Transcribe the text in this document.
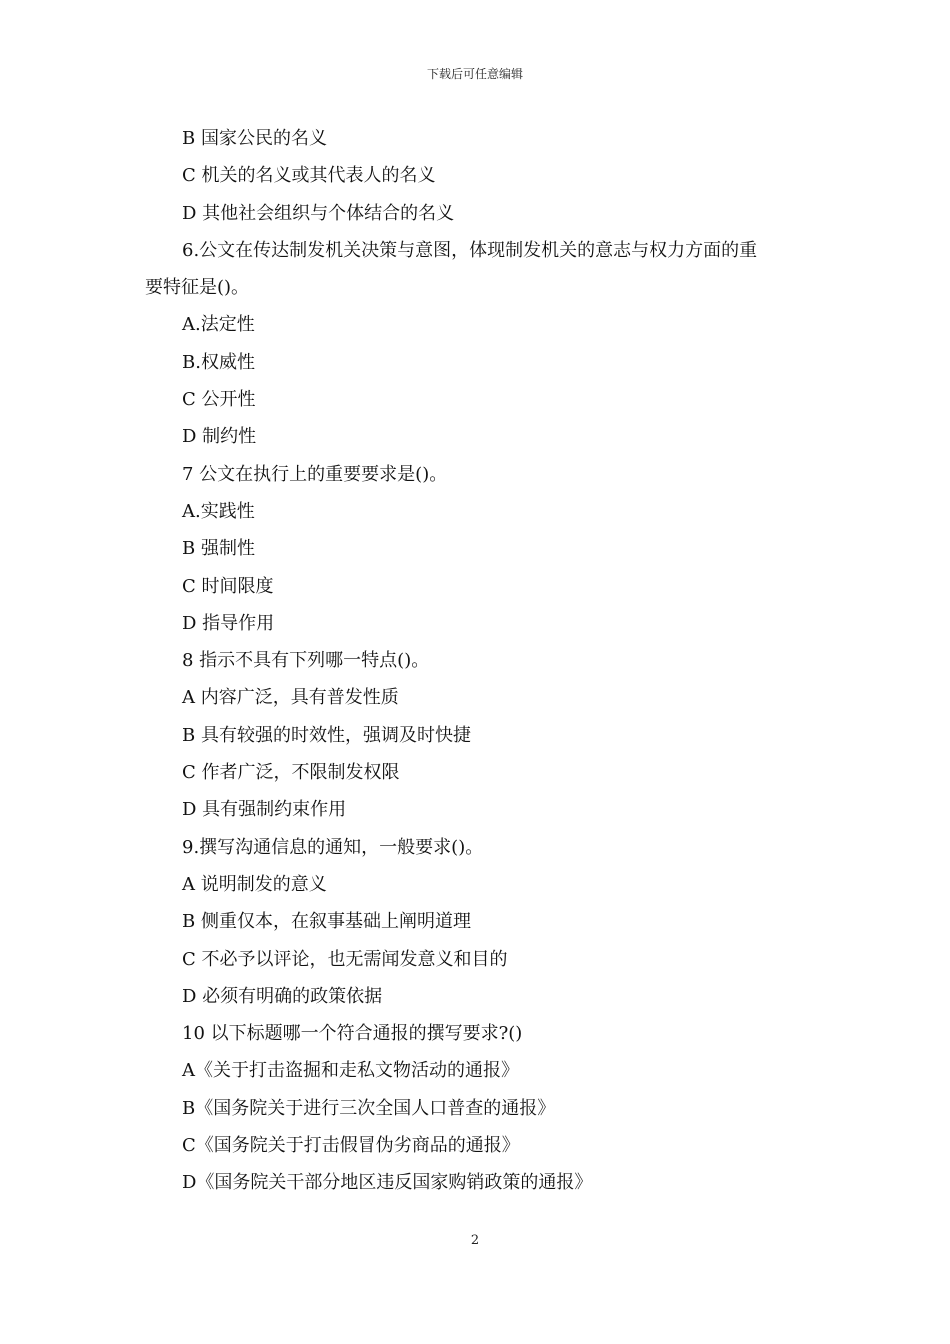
下载后可任意编辑
B 国家公民的名义
C 机关的名义或其代表人的名义
D 其他社会组织与个体结合的名义
6.公文在传达制发机关决策与意图，体现制发机关的意志与权力方面的重
要特征是()。
A.法定性
B.权威性
C 公开性
D 制约性
7 公文在执行上的重要要求是()。
A.实践性
B 强制性
C 时间限度
D 指导作用
8 指示不具有下列哪一特点()。
A 内容广泛，具有普发性质
B 具有较强的时效性，强调及时快捷
C 作者广泛，不限制发权限
D 具有强制约束作用
9.撰写沟通信息的通知，一般要求()。
A 说明制发的意义
B 侧重仅本，在叙事基础上阐明道理
C 不必予以评论，也无需闻发意义和目的
D 必须有明确的政策依据
10 以下标题哪一个符合通报的撰写要求?()
A《关于打击盗掘和走私文物活动的通报》
B《国务院关于进行三次全国人口普查的通报》
C《国务院关于打击假冒伪劣商品的通报》
D《国务院关干部分地区违反国家购销政策的通报》
2
